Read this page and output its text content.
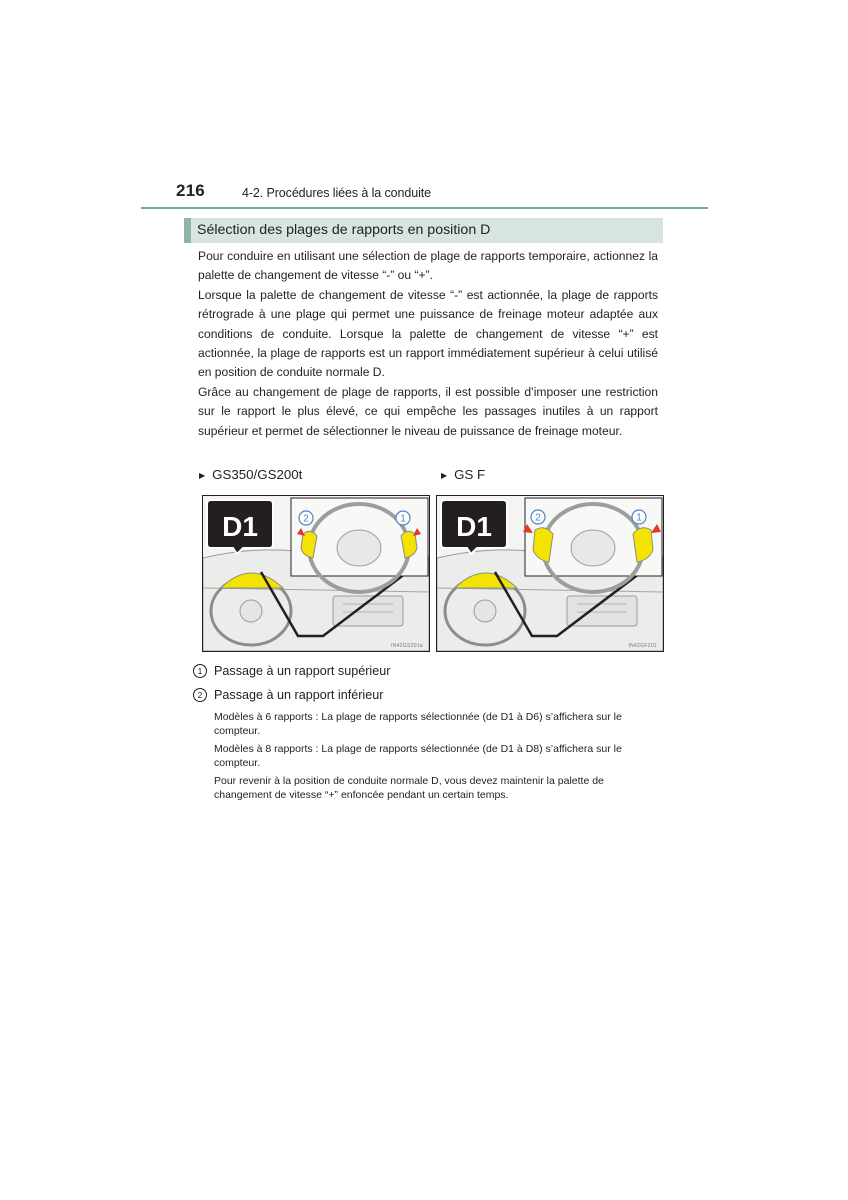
216	4-2. Procédures liées à la conduite
Sélection des plages de rapports en position D

Pour conduire en utilisant une sélection de plage de rapports temporaire, actionnez la palette de changement de vitesse “-” ou “+”.

Lorsque la palette de changement de vitesse “-” est actionnée, la plage de rapports rétrograde à une plage qui permet une puissance de freinage moteur adaptée aux conditions de conduite. Lorsque la palette de changement de vitesse “+” est actionnée, la plage de rapports est un rapport immédiatement supérieur à celui utilisé en position de conduite normale D.

Grâce au changement de plage de rapports, il est possible d’imposer une restriction sur le rapport le plus élevé, ce qui empêche les passages inutiles à un rapport supérieur et permet de sélectionner le niveau de puissance de freinage moteur.

▶ GS350/GS200t	▶ GS F
D1	2	1
IN42GS201a
D1	2	1
IN42GF201
1 Passage à un rapport supérieur
2 Passage à un rapport inférieur

Modèles à 6 rapports : La plage de rapports sélectionnée (de D1 à D6) s’affichera sur le compteur.

Modèles à 8 rapports : La plage de rapports sélectionnée (de D1 à D8) s’affichera sur le compteur.

Pour revenir à la position de conduite normale D, vous devez maintenir la palette de changement de vitesse “+” enfoncée pendant un certain temps.
